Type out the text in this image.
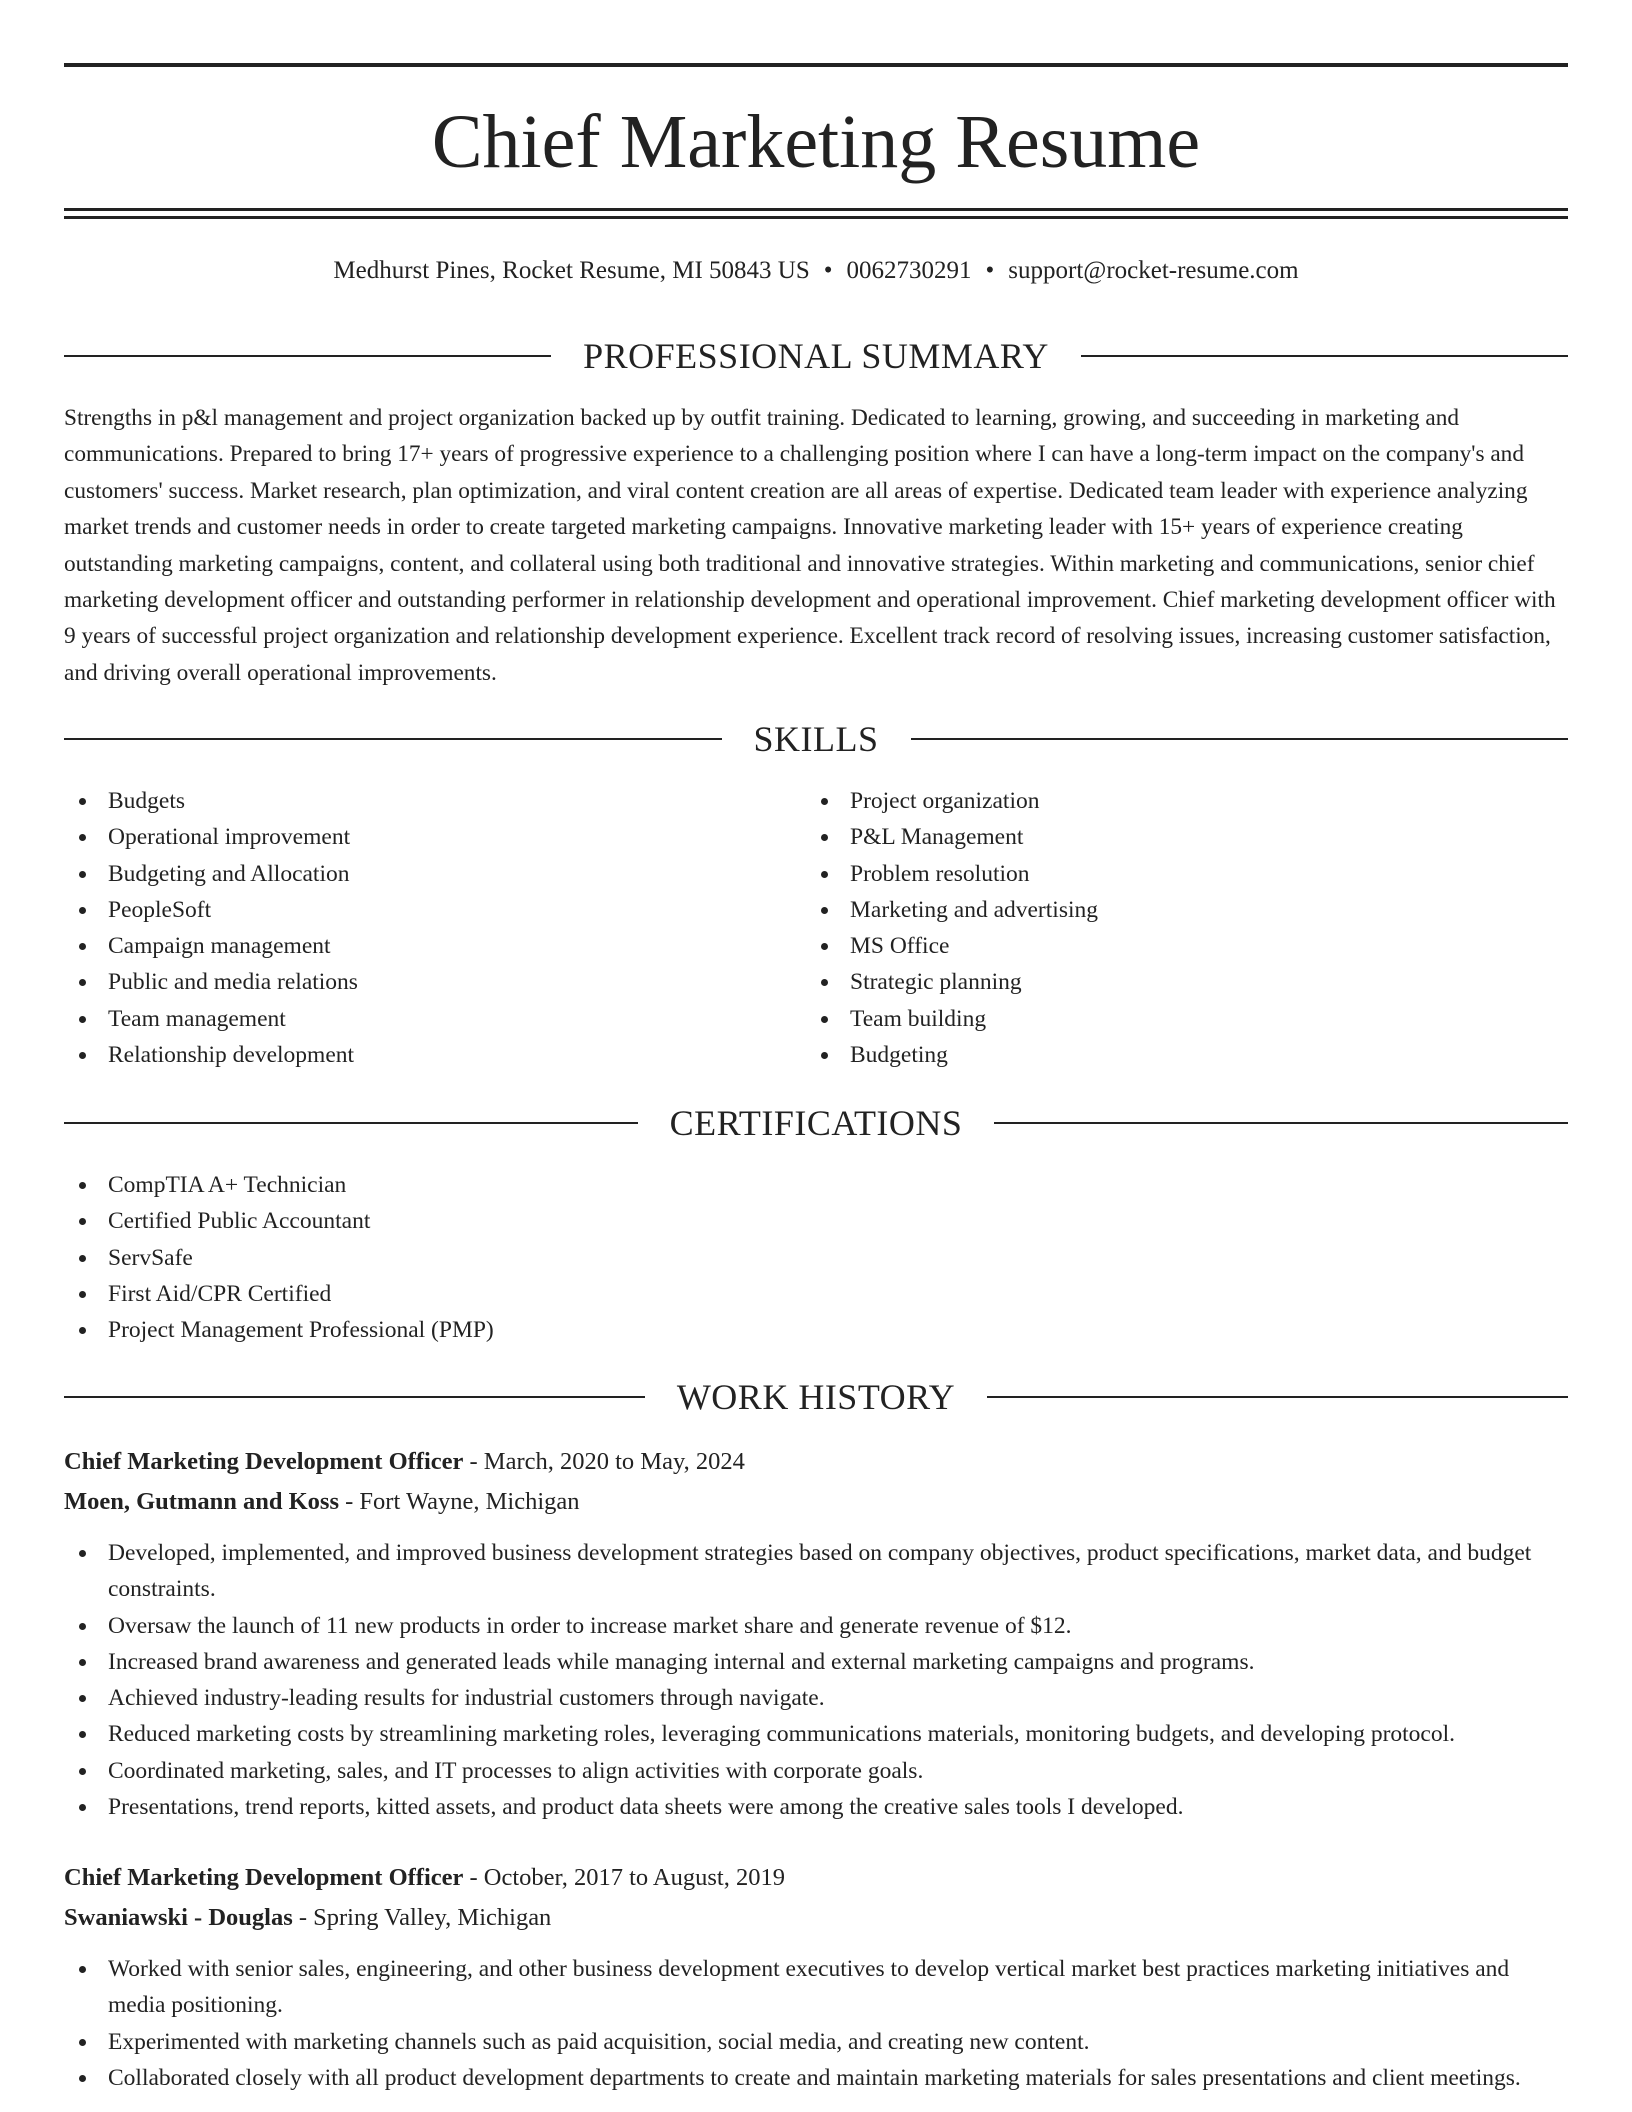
Chief Marketing Resume
Medhurst Pines, Rocket Resume, MI 50843 US • 0062730291 • support@rocket-resume.com
PROFESSIONAL SUMMARY

Strengths in p&l management and project organization backed up by outfit training. Dedicated to learning, growing, and succeeding in marketing and communications. Prepared to bring 17+ years of progressive experience to a challenging position where I can have a long-term impact on the company's and customers' success. Market research, plan optimization, and viral content creation are all areas of expertise. Dedicated team leader with experience analyzing market trends and customer needs in order to create targeted marketing campaigns. Innovative marketing leader with 15+ years of experience creating outstanding marketing campaigns, content, and collateral using both traditional and innovative strategies. Within marketing and communications, senior chief marketing development officer and outstanding performer in relationship development and operational improvement. Chief marketing development officer with 9 years of successful project organization and relationship development experience. Excellent track record of resolving issues, increasing customer satisfaction, and driving overall operational improvements.

SKILLS
Budgets
Operational improvement
Budgeting and Allocation
PeopleSoft
Campaign management
Public and media relations
Team management
Relationship development
Project organization
P&L Management
Problem resolution
Marketing and advertising
MS Office
Strategic planning
Team building
Budgeting
CERTIFICATIONS
CompTIA A+ Technician
Certified Public Accountant
ServSafe
First Aid/CPR Certified
Project Management Professional (PMP)
WORK HISTORY
Chief Marketing Development Officer - March, 2020 to May, 2024
Moen, Gutmann and Koss - Fort Wayne, Michigan
Developed, implemented, and improved business development strategies based on company objectives, product specifications, market data, and budget constraints.
Oversaw the launch of 11 new products in order to increase market share and generate revenue of $12.
Increased brand awareness and generated leads while managing internal and external marketing campaigns and programs.
Achieved industry-leading results for industrial customers through navigate.
Reduced marketing costs by streamlining marketing roles, leveraging communications materials, monitoring budgets, and developing protocol.
Coordinated marketing, sales, and IT processes to align activities with corporate goals.
Presentations, trend reports, kitted assets, and product data sheets were among the creative sales tools I developed.
Chief Marketing Development Officer - October, 2017 to August, 2019
Swaniawski - Douglas - Spring Valley, Michigan
Worked with senior sales, engineering, and other business development executives to develop vertical market best practices marketing initiatives and media positioning.
Experimented with marketing channels such as paid acquisition, social media, and creating new content.
Collaborated closely with all product development departments to create and maintain marketing materials for sales presentations and client meetings.
